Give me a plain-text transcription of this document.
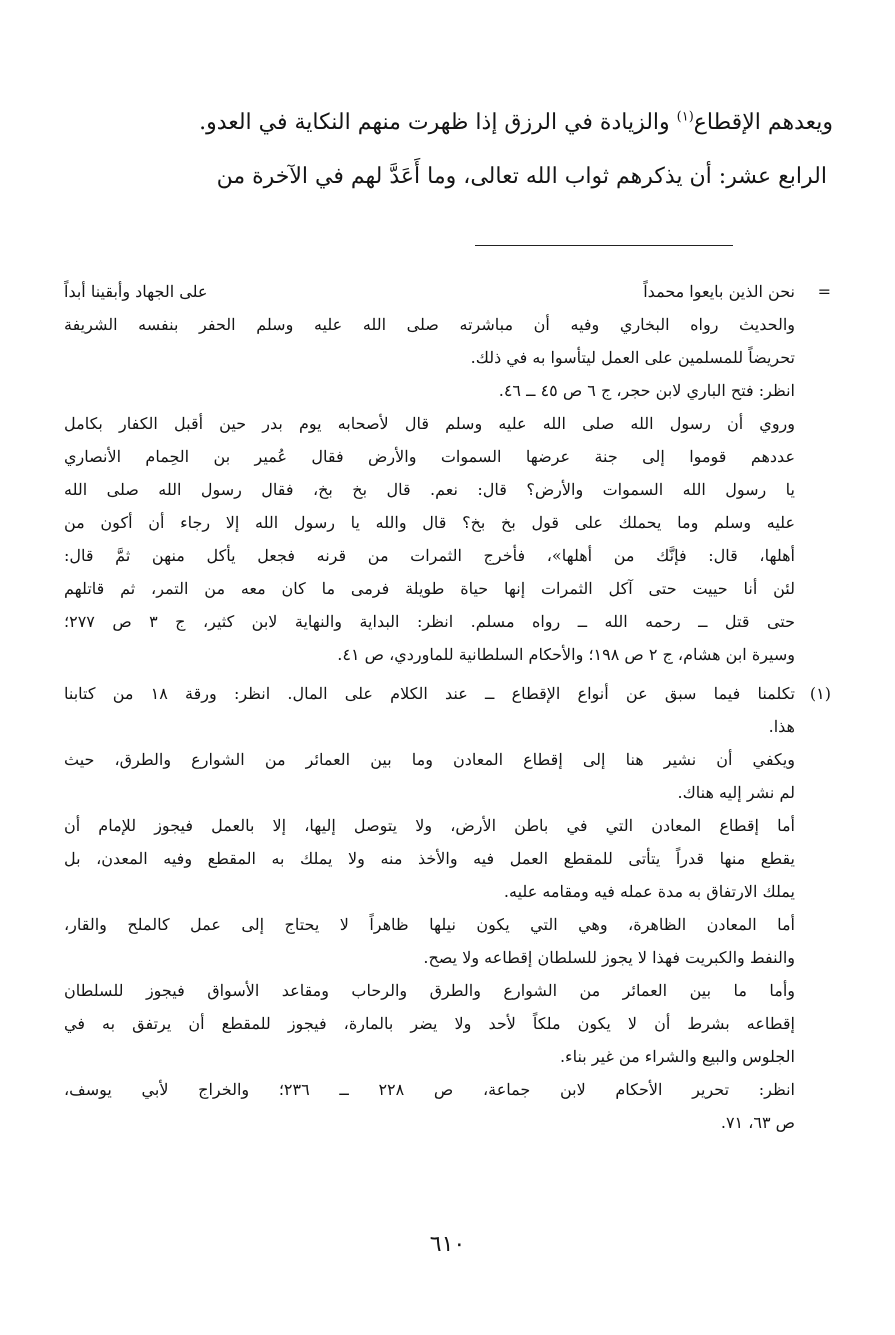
ويعدهم الإقطاع$^{(١)}$ والزيادة في الرزق إذا ظهرت منهم النكاية في العدو.

الرابع عشر: أن يذكرهم ثواب الله تعالى، وما أَعَدَّ لهم في الآخرة من

=
نحن الذين بايعوا محمداً
على الجهاد وأبقينا أبداً
والحديث رواه البخاري وفيه أن مباشرته صلى الله عليه وسلم الحفر بنفسه الشريفة
تحريضاً للمسلمين على العمل ليتأسوا به في ذلك.
انظر: فتح الباري لابن حجر، ج ٦ ص ٤٥ ــ ٤٦.
وروي أن رسول الله صلى الله عليه وسلم قال لأصحابه يوم بدر حين أقبل الكفار بكامل
عددهم قوموا إلى جنة عرضها السموات والأرض فقال عُمير بن الحِمام الأنصاري
يا رسول الله السموات والأرض؟ قال: نعم. قال بخ بخ، فقال رسول الله صلى الله
عليه وسلم وما يحملك على قول بخ بخ؟ قال والله يا رسول الله إلا رجاء أن أكون من
أهلها، قال: فإنَّك من أهلها»، فأخرج الثمرات من قرنه فجعل يأكل منهن ثمَّ قال:
لئن أنا حييت حتى آكل الثمرات إنها حياة طويلة فرمى ما كان معه من التمر، ثم قاتلهم
حتى قتل ــ رحمه الله ــ رواه مسلم. انظر: البداية والنهاية لابن كثير، ج ٣ ص ٢٧٧؛
وسيرة ابن هشام، ج ٢ ص ١٩٨؛ والأحكام السلطانية للماوردي، ص ٤١.
(١)
تكلمنا فيما سبق عن أنواع الإقطاع ــ عند الكلام على المال. انظر: ورقة ١٨ من كتابنا
هذا.
ويكفي أن نشير هنا إلى إقطاع المعادن وما بين العمائر من الشوارع والطرق، حيث
لم نشر إليه هناك.
أما إقطاع المعادن التي في باطن الأرض، ولا يتوصل إليها، إلا بالعمل فيجوز للإمام أن
يقطع منها قدراً يتأتى للمقطع العمل فيه والأخذ منه ولا يملك به المقطع وفيه المعدن، بل
يملك الارتفاق به مدة عمله فيه ومقامه عليه.
أما المعادن الظاهرة، وهي التي يكون نيلها ظاهراً لا يحتاج إلى عمل كالملح والقار،
والنفط والكبريت فهذا لا يجوز للسلطان إقطاعه ولا يصح.
وأما ما بين العمائر من الشوارع والطرق والرحاب ومقاعد الأسواق فيجوز للسلطان
إقطاعه بشرط أن لا يكون ملكاً لأحد ولا يضر بالمارة، فيجوز للمقطع أن يرتفق به في
الجلوس والبيع والشراء من غير بناء.
انظر: تحرير الأحكام لابن جماعة، ص ٢٢٨ ــ ٢٣٦؛ والخراج لأبي يوسف،
ص ٦٣، ٧١.
٦١٠
